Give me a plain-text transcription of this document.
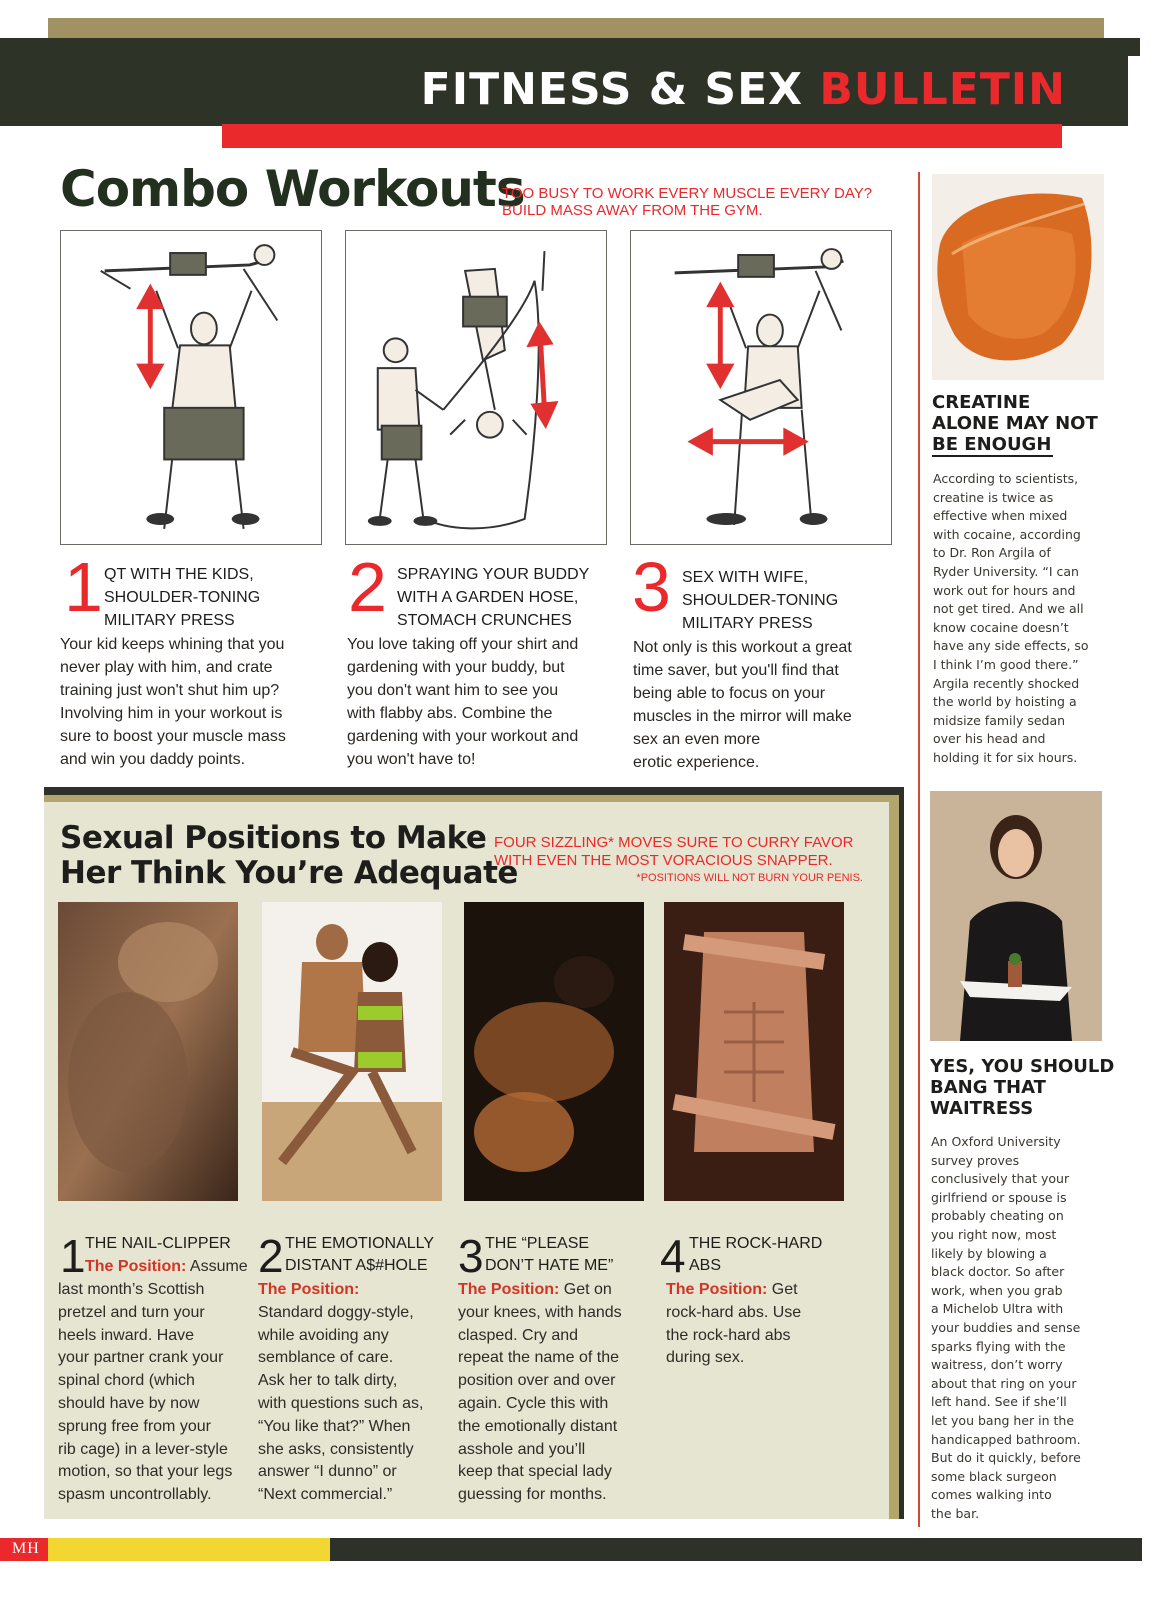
FITNESS & SEX BULLETIN
Combo Workouts
TOO BUSY TO WORK EVERY MUSCLE EVERY DAY?
BUILD MASS AWAY FROM THE GYM.
1 QT WITH THE KIDS,
SHOULDER-TONING
MILITARY PRESS
Your kid keeps whining that you
never play with him, and crate
training just won't shut him up?
Involving him in your workout is
sure to boost your muscle mass
and win you daddy points.
2 SPRAYING YOUR BUDDY
WITH A GARDEN HOSE,
STOMACH CRUNCHES
You love taking off your shirt and
gardening with your buddy, but
you don't want him to see you
with flabby abs. Combine the
gardening with your workout and
you won't have to!
3 SEX WITH WIFE,
SHOULDER-TONING
MILITARY PRESS
Not only is this workout a great
time saver, but you'll find that
being able to focus on your
muscles in the mirror will make
sex an even more
erotic experience.
CREATINE
ALONE MAY NOT
BE ENOUGH
According to scientists,
creatine is twice as
effective when mixed
with cocaine, according
to Dr. Ron Argila of
Ryder University. “I can
work out for hours and
not get tired. And we all
know cocaine doesn’t
have any side effects, so
I think I’m good there.”
Argila recently shocked
the world by hoisting a
midsize family sedan
over his head and
holding it for six hours.
YES, YOU SHOULD
BANG THAT
WAITRESS
An Oxford University
survey proves
conclusively that your
girlfriend or spouse is
probably cheating on
you right now, most
likely by blowing a
black doctor. So after
work, when you grab
a Michelob Ultra with
your buddies and sense
sparks flying with the
waitress, don’t worry
about that ring on your
left hand. See if she’ll
let you bang her in the
handicapped bathroom.
But do it quickly, before
some black surgeon
comes walking into
the bar.
Sexual Positions to Make
Her Think You’re Adequate
FOUR SIZZLING* MOVES SURE TO CURRY FAVOR
WITH EVEN THE MOST VORACIOUS SNAPPER.
*POSITIONS WILL NOT BURN YOUR PENIS.
1 THE NAIL-CLIPPER
The Position: Assume
last month’s Scottish
pretzel and turn your
heels inward. Have
your partner crank your
spinal chord (which
should have by now
sprung free from your
rib cage) in a lever-style
motion, so that your legs
spasm uncontrollably.
2 THE EMOTIONALLY
DISTANT A$#HOLE
The Position:
Standard doggy-style,
while avoiding any
semblance of care.
Ask her to talk dirty,
with questions such as,
“You like that?” When
she asks, consistently
answer “I dunno” or
“Next commercial.”
3 THE “PLEASE
DON’T HATE ME”
The Position: Get on
your knees, with hands
clasped. Cry and
repeat the name of the
position over and over
again. Cycle this with
the emotionally distant
asshole and you’ll
keep that special lady
guessing for months.
4 THE ROCK-HARD
ABS
The Position: Get
rock-hard abs. Use
the rock-hard abs
during sex.
MH
